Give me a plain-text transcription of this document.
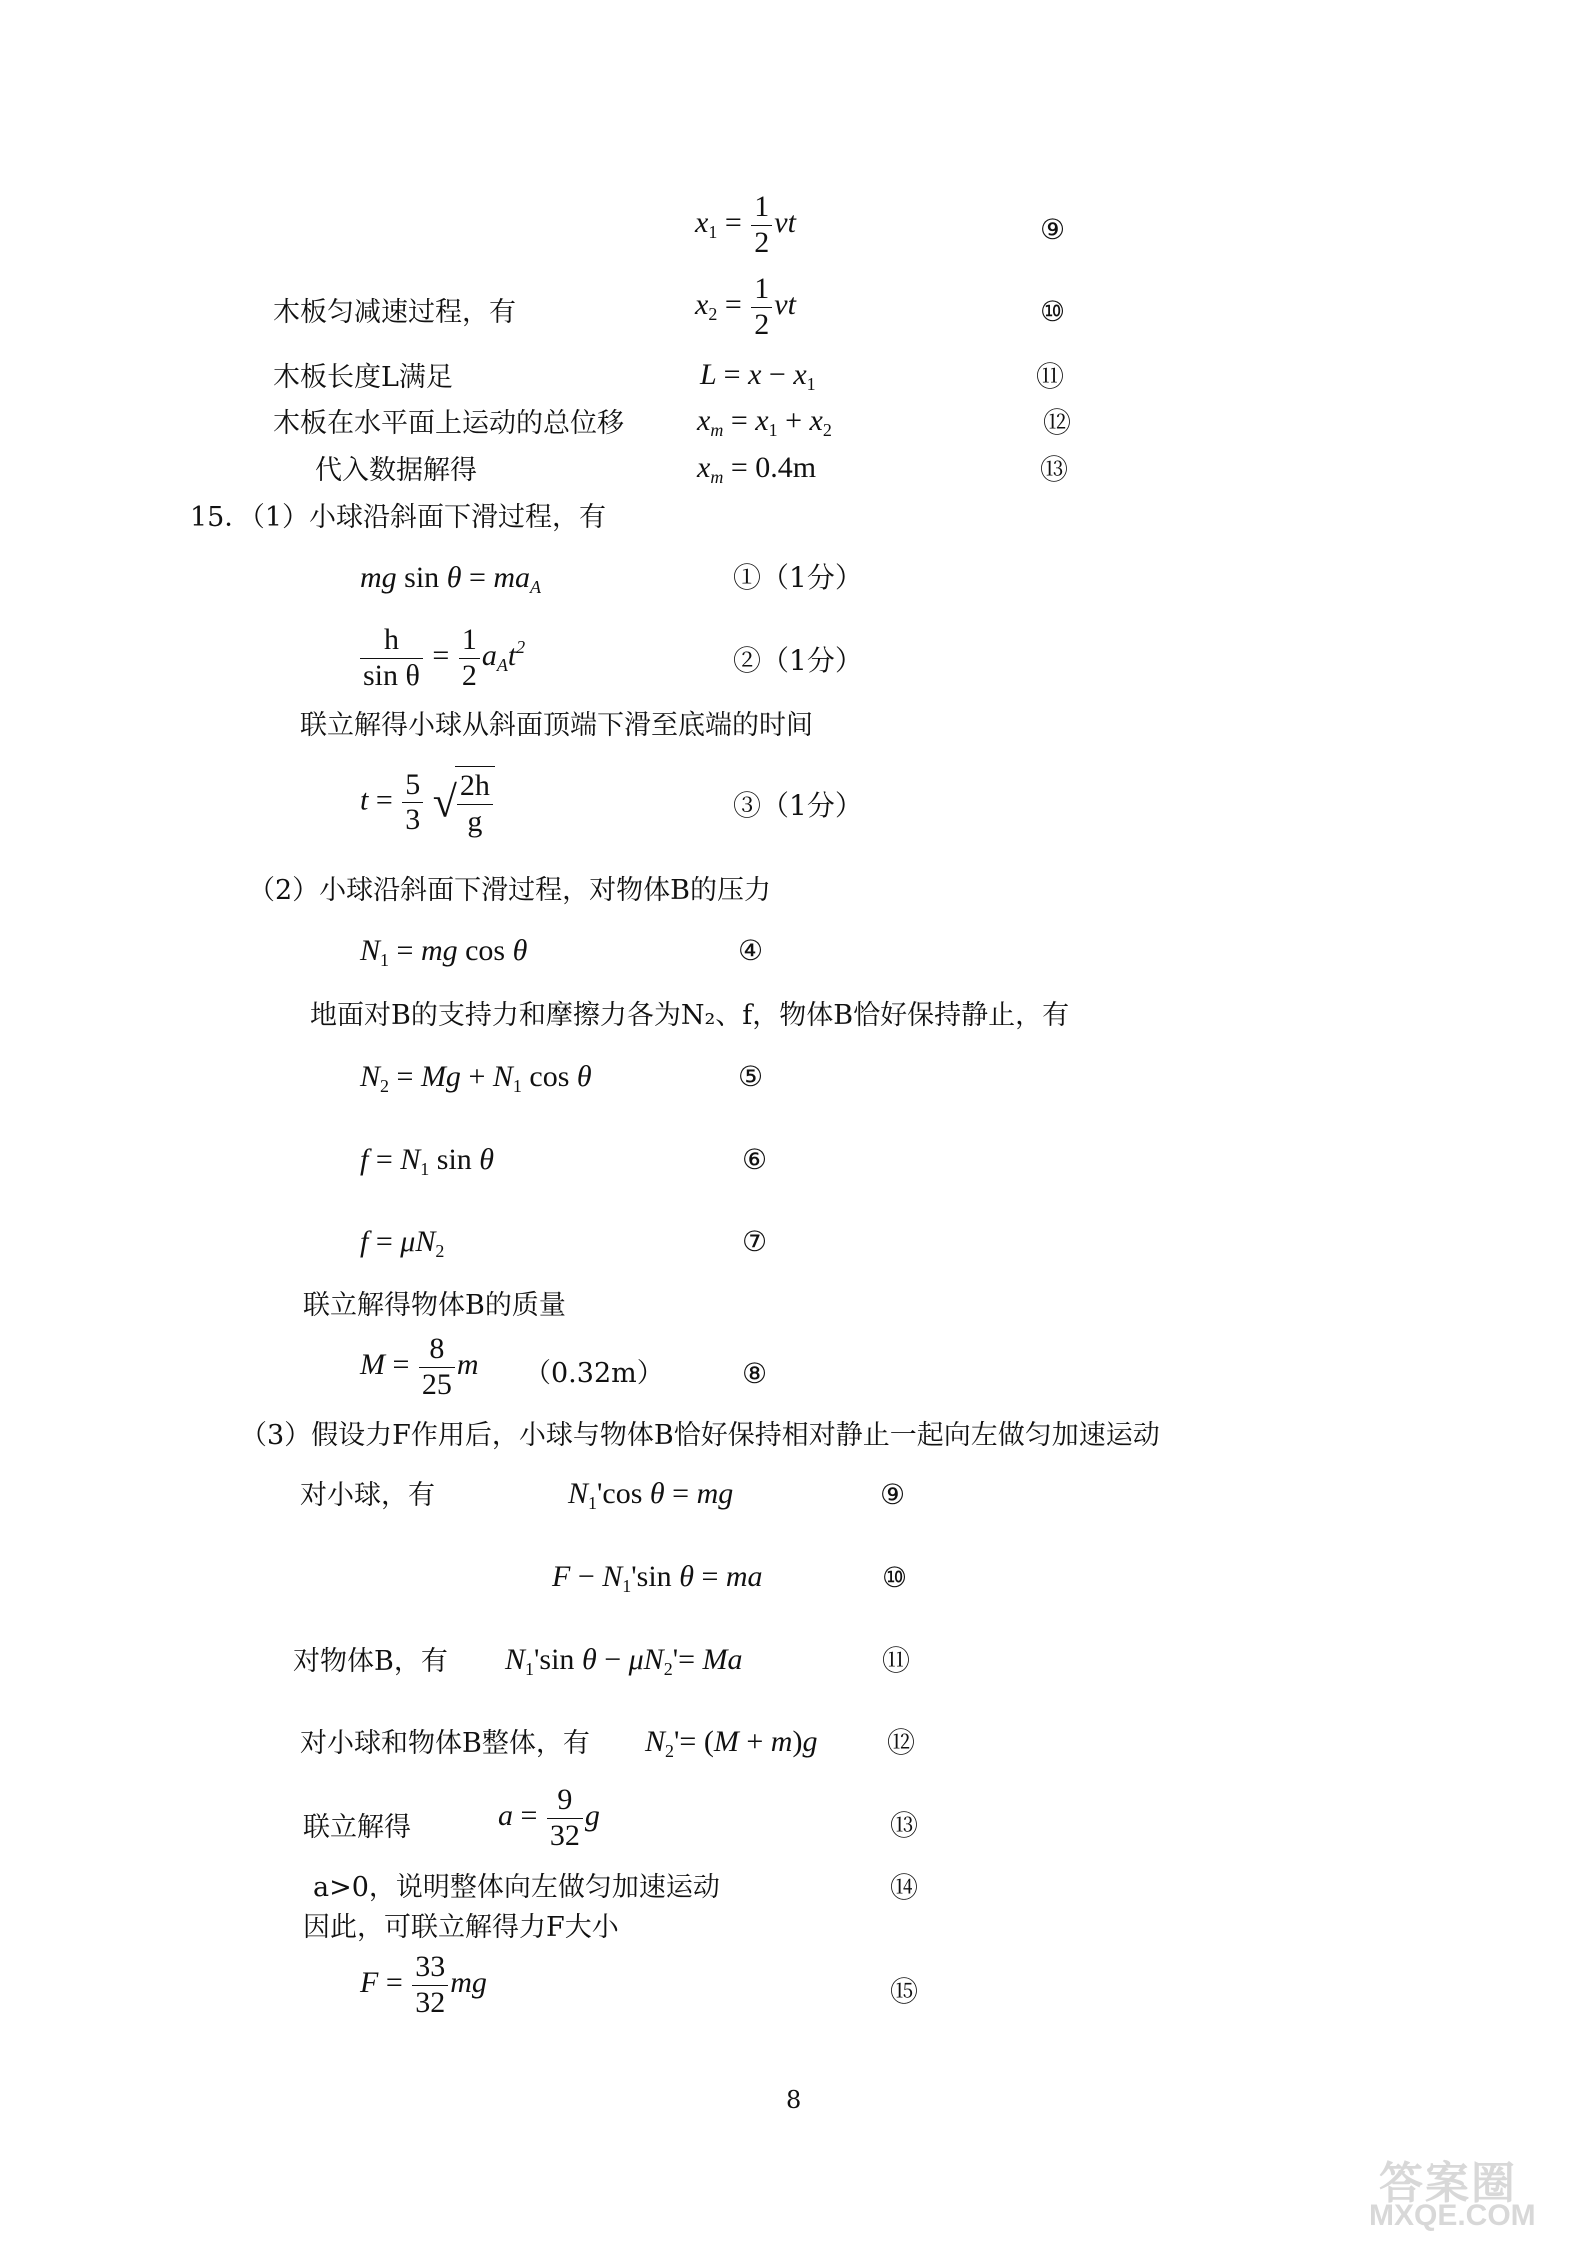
$x_1 = \frac{1}{2}$ vt	⑨
木板匀减速过程，有	$x_2 = \frac{1}{2}$ vt	⑩
木板长度L满足	$L = x - x_1$	⑪
木板在水平面上运动的总位移 $x_m = x_1 + x_2$	⑫
代入数据解得	$x_m = 0.4m$	⑬
15．（1）小球沿斜面下滑过程，有
mg $\sin \theta = ma_A$	①（1分）
$\frac{h}{\text{sin θ}} = \frac{1}{2} a_At^2$	②（1分）
联立解得小球从斜面顶端下滑至底端的时间
$t = \frac{5}{3}$ √ $\frac{2h}{g}$	③（1分）
（2）小球沿斜面下滑过程，对物体B的压力
$N_1$ = mg cos θ	④
地面对B的支持力和摩擦力各为N₂、f，物体B恰好保持静止，有
$N_2 = Mg + N_1$ cos θ	⑤
$f = N_1$ sin θ	⑥
$f = \mu N_2$	⑦
联立解得物体B的质量
$M = \frac{8}{25}$ m （0.32m）	⑧
（3）假设力F作用后，小球与物体B恰好保持相对静止一起向左做匀加速运动
对小球，有	$N_1'\cos$ θ = mg	⑨
$F - N_1'\sin$ θ = ma	⑩
对物体B，有 $N_1'\sin$ $\theta - \mu N_2'= Ma$	⑪
对小球和物体B整体，有 $N_2'= (M + m)g$ ⑫
联立解得	$a = \frac{9}{32}$ g	⑬
a>0，说明整体向左做匀加速运动	⑭
因此，可联立解得力F大小
$F = \frac{33}{32}$ mg	⑮
8
答案圈
MXQE.COM
